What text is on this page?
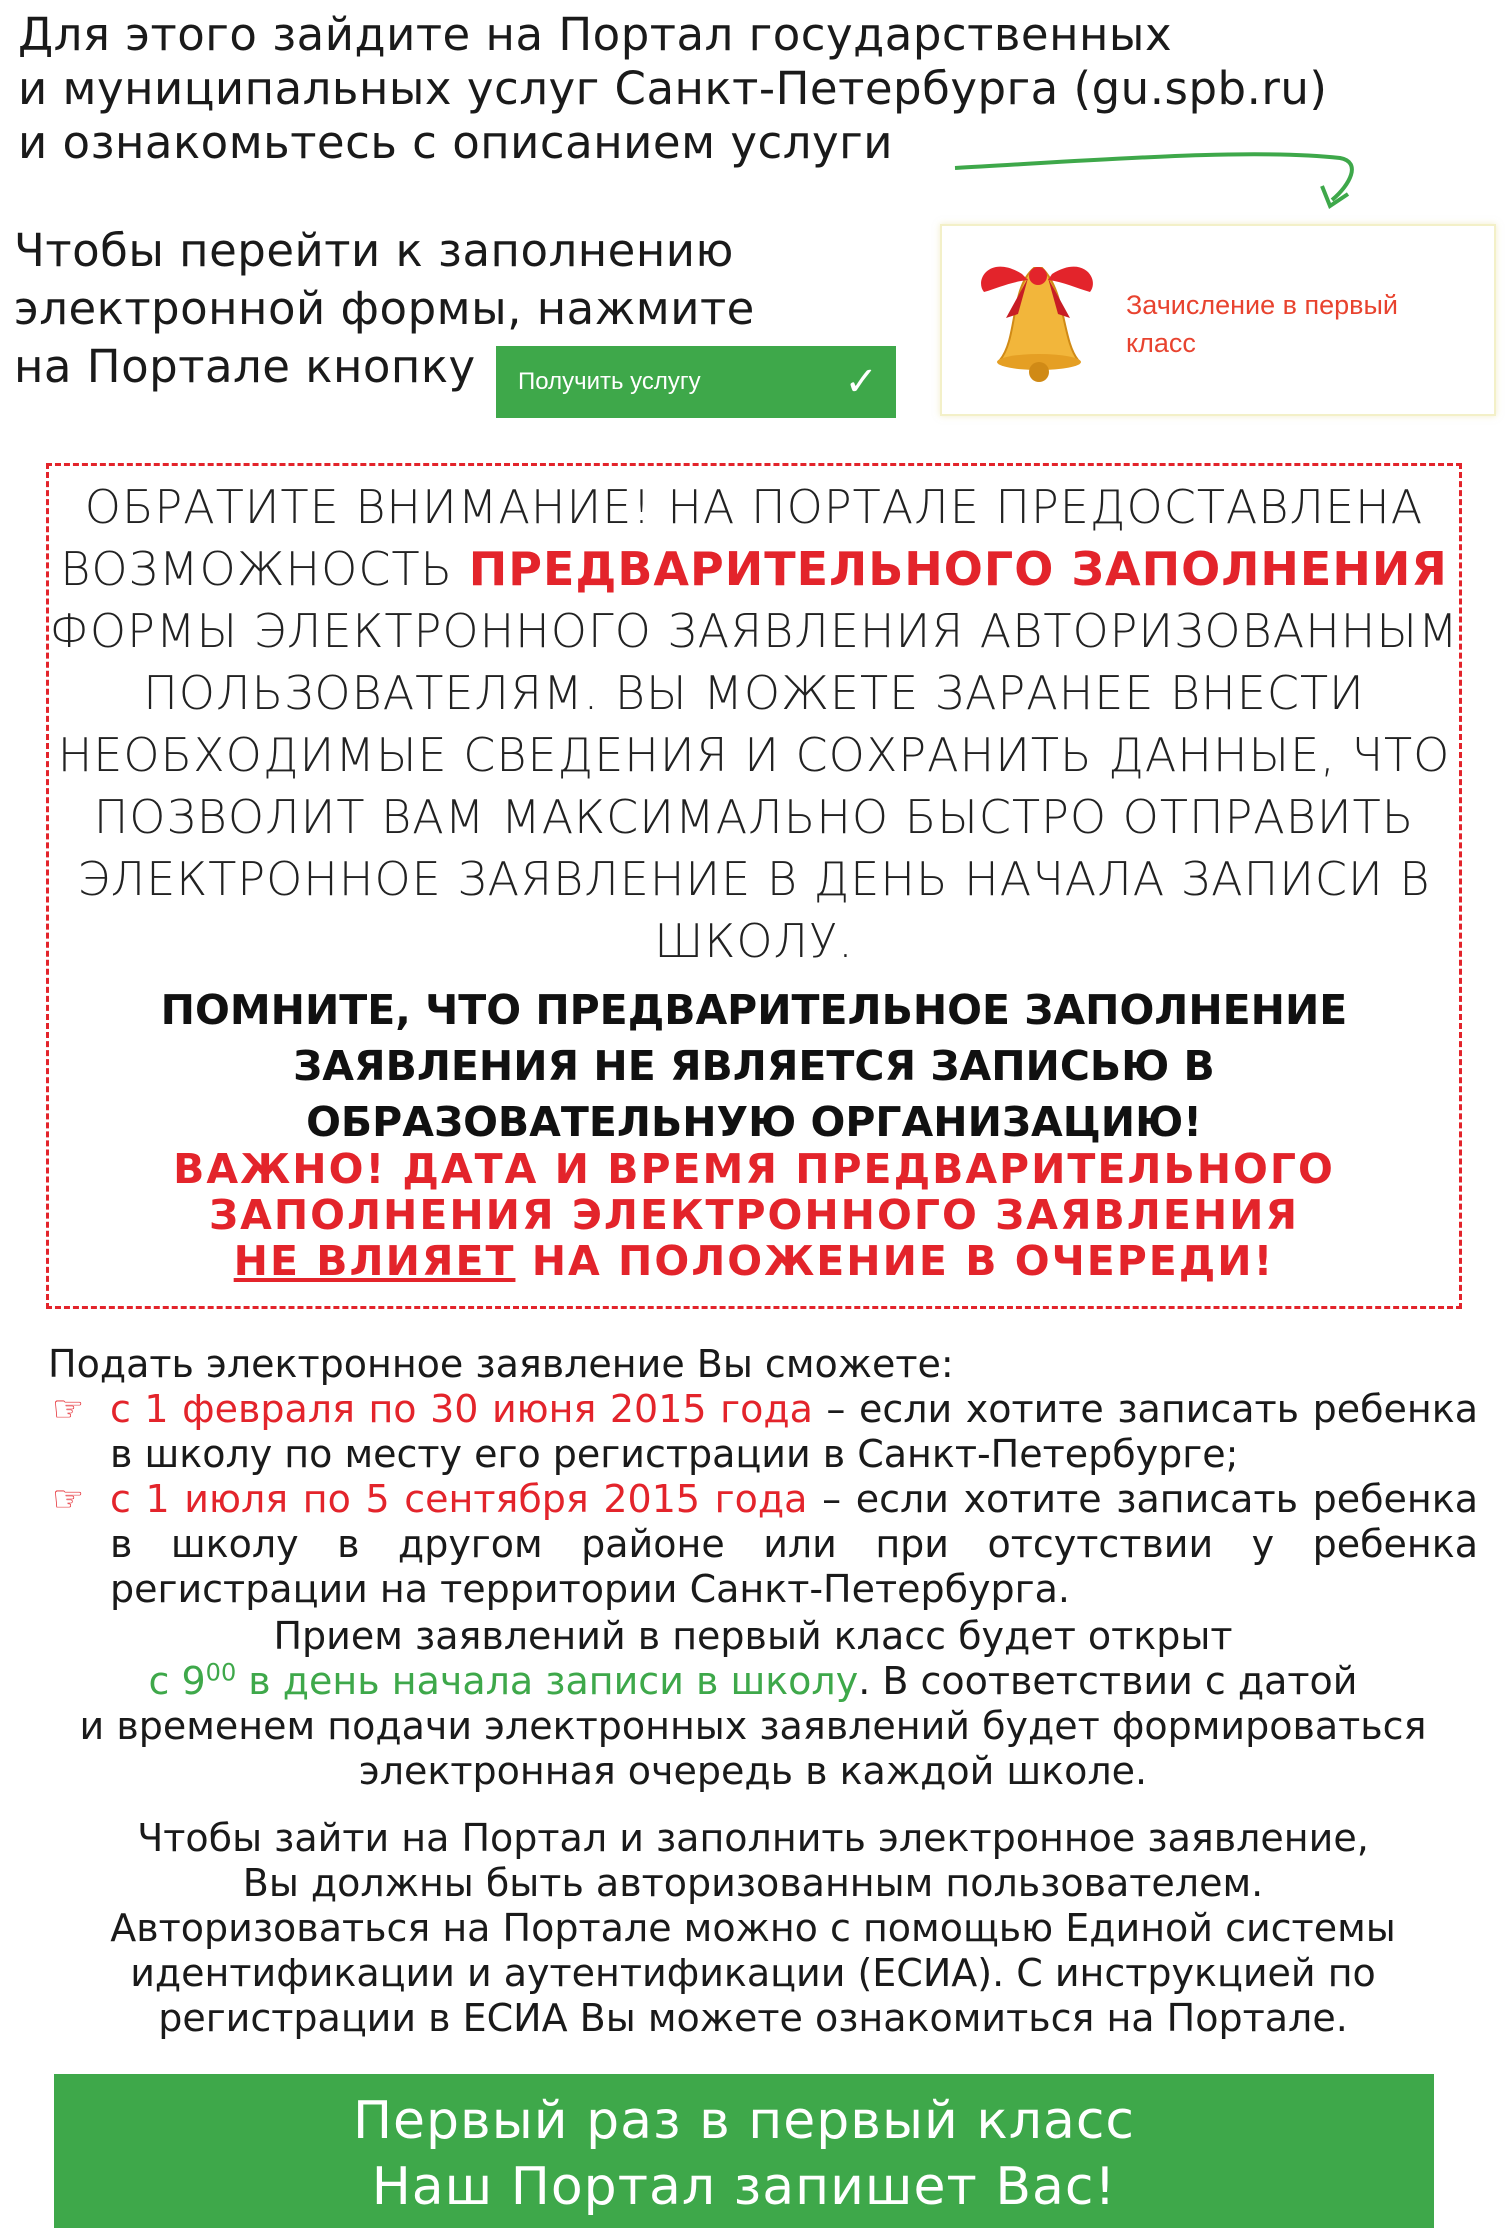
Для этого зайдите на Портал государственных
и муниципальных услуг Санкт-Петербурга (gu.spb.ru)
и ознакомьтесь с описанием услуги
Чтобы перейти к заполнению
электронной формы, нажмите
на Портале кнопку	Получить услугу	✓
Зачисление в первый класс
ОБРАТИТЕ ВНИМАНИЕ! НА ПОРТАЛЕ ПРЕДОСТАВЛЕНА ВОЗМОЖНОСТЬ ПРЕДВАРИТЕЛЬНОГО ЗАПОЛНЕНИЯ ФОРМЫ ЭЛЕКТРОННОГО ЗАЯВЛЕНИЯ АВТОРИЗОВАННЫМ ПОЛЬЗОВАТЕЛЯМ. ВЫ МОЖЕТЕ ЗАРАНЕЕ ВНЕСТИ НЕОБХОДИМЫЕ СВЕДЕНИЯ И СОХРАНИТЬ ДАННЫЕ, ЧТО ПОЗВОЛИТ ВАМ МАКСИМАЛЬНО БЫСТРО ОТПРАВИТЬ ЭЛЕКТРОННОЕ ЗАЯВЛЕНИЕ В ДЕНЬ НАЧАЛА ЗАПИСИ В ШКОЛУ.
ПОМНИТЕ, ЧТО ПРЕДВАРИТЕЛЬНОЕ ЗАПОЛНЕНИЕ ЗАЯВЛЕНИЯ НЕ ЯВЛЯЕТСЯ ЗАПИСЬЮ В ОБРАЗОВАТЕЛЬНУЮ ОРГАНИЗАЦИЮ!
ВАЖНО! ДАТА И ВРЕМЯ ПРЕДВАРИТЕЛЬНОГО
ЗАПОЛНЕНИЯ ЭЛЕКТРОННОГО ЗАЯВЛЕНИЯ
НЕ ВЛИЯЕТ НА ПОЛОЖЕНИЕ В ОЧЕРЕДИ!
Подать электронное заявление Вы сможете:
☞ с 1 февраля по 30 июня 2015 года – если хотите записать ребенка в школу по месту его регистрации в Санкт-Петербурге;
☞ с 1 июля по 5 сентября 2015 года – если хотите записать ребенка в школу в другом районе или при отсутствии у ребенка регистрации на территории Санкт-Петербурга.
Прием заявлений в первый класс будет открыт
с $9^{00}$ в день начала записи в школу. В соответствии с датой
и временем подачи электронных заявлений будет формироваться
электронная очередь в каждой школе.
Чтобы зайти на Портал и заполнить электронное заявление,
Вы должны быть авторизованным пользователем.
Авторизоваться на Портале можно с помощью Единой системы
идентификации и аутентификации (ЕСИА). С инструкцией по
регистрации в ЕСИА Вы можете ознакомиться на Портале.
Первый раз в первый класс
Наш Портал запишет Вас!
